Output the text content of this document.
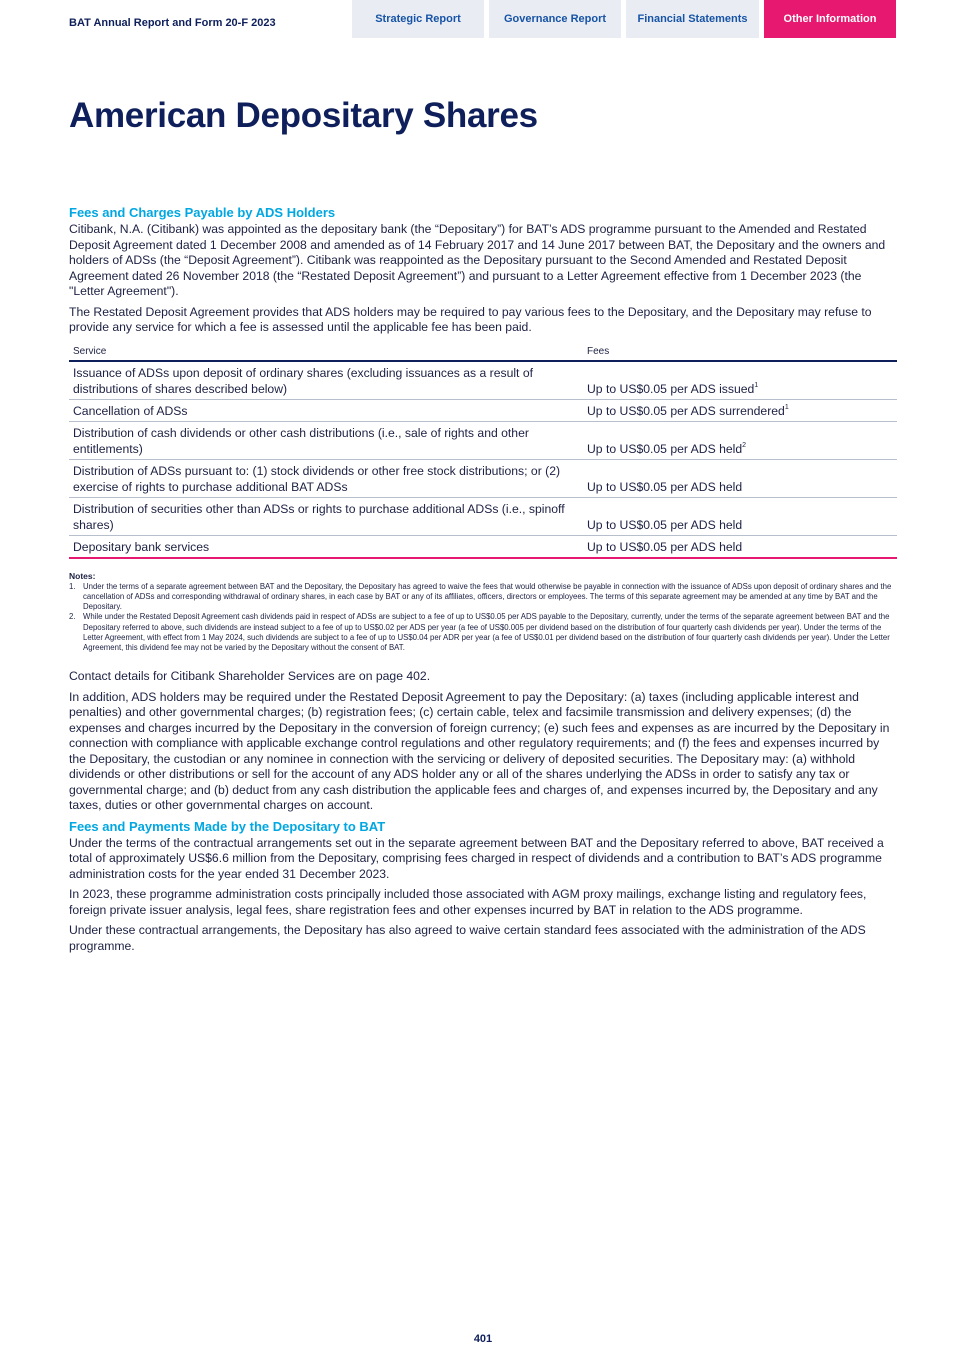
BAT Annual Report and Form 20-F 2023	Strategic Report	Governance Report	Financial Statements	Other Information
American Depositary Shares
Fees and Charges Payable by ADS Holders

Citibank, N.A. (Citibank) was appointed as the depositary bank (the “Depositary”) for BAT’s ADS programme pursuant to the Amended and Restated Deposit Agreement dated 1 December 2008 and amended as of 14 February 2017 and 14 June 2017 between BAT, the Depositary and the owners and holders of ADSs (the “Deposit Agreement”). Citibank was reappointed as the Depositary pursuant to the Second Amended and Restated Deposit Agreement dated 26 November 2018 (the “Restated Deposit Agreement”) and pursuant to a Letter Agreement effective from 1 December 2023 (the "Letter Agreement").

The Restated Deposit Agreement provides that ADS holders may be required to pay various fees to the Depositary, and the Depositary may refuse to provide any service for which a fee is assessed until the applicable fee has been paid.

Service	Fees
Issuance of ADSs upon deposit of ordinary shares (excluding issuances as a result of distributions of shares described below)	Up to US$0.05 per ADS issued$^1$
Cancellation of ADSs	Up to US$0.05 per ADS surrendered$^1$
Distribution of cash dividends or other cash distributions (i.e., sale of rights and other entitlements)	Up to US$0.05 per ADS held$^2$
Distribution of ADSs pursuant to: (1) stock dividends or other free stock distributions; or (2) exercise of rights to purchase additional BAT ADSs	Up to US$0.05 per ADS held
Distribution of securities other than ADSs or rights to purchase additional ADSs (i.e., spinoff shares)	Up to US$0.05 per ADS held
Depositary bank services	Up to US$0.05 per ADS held
Notes:
1. Under the terms of a separate agreement between BAT and the Depositary, the Depositary has agreed to waive the fees that would otherwise be payable in connection with the issuance of ADSs upon deposit of ordinary shares and the cancellation of ADSs and corresponding withdrawal of ordinary shares, in each case by BAT or any of its affiliates, officers, directors or employees. The terms of this separate agreement may be amended at any time by BAT and the Depositary.
2. While under the Restated Deposit Agreement cash dividends paid in respect of ADSs are subject to a fee of up to US$0.05 per ADS payable to the Depositary, currently, under the terms of the separate agreement between BAT and the Depositary referred to above, such dividends are instead subject to a fee of up to US$0.02 per ADS per year (a fee of US$0.005 per dividend based on the distribution of four quarterly cash dividends per year). Under the terms of the Letter Agreement, with effect from 1 May 2024, such dividends are subject to a fee of up to US$0.04 per ADR per year (a fee of US$0.01 per dividend based on the distribution of four quarterly cash dividends per year). Under the Letter Agreement, this dividend fee may not be varied by the Depositary without the consent of BAT.

Contact details for Citibank Shareholder Services are on page 402.

In addition, ADS holders may be required under the Restated Deposit Agreement to pay the Depositary: (a) taxes (including applicable interest and penalties) and other governmental charges; (b) registration fees; (c) certain cable, telex and facsimile transmission and delivery expenses; (d) the expenses and charges incurred by the Depositary in the conversion of foreign currency; (e) such fees and expenses as are incurred by the Depositary in connection with compliance with applicable exchange control regulations and other regulatory requirements; and (f) the fees and expenses incurred by the Depositary, the custodian or any nominee in connection with the servicing or delivery of deposited securities. The Depositary may: (a) withhold dividends or other distributions or sell for the account of any ADS holder any or all of the shares underlying the ADSs in order to satisfy any tax or governmental charge; and (b) deduct from any cash distribution the applicable fees and charges of, and expenses incurred by, the Depositary and any taxes, duties or other governmental charges on account.

Fees and Payments Made by the Depositary to BAT

Under the terms of the contractual arrangements set out in the separate agreement between BAT and the Depositary referred to above, BAT received a total of approximately US$6.6 million from the Depositary, comprising fees charged in respect of dividends and a contribution to BAT’s ADS programme administration costs for the year ended 31 December 2023.

In 2023, these programme administration costs principally included those associated with AGM proxy mailings, exchange listing and regulatory fees, foreign private issuer analysis, legal fees, share registration fees and other expenses incurred by BAT in relation to the ADS programme.

Under these contractual arrangements, the Depositary has also agreed to waive certain standard fees associated with the administration of the ADS programme.

401
